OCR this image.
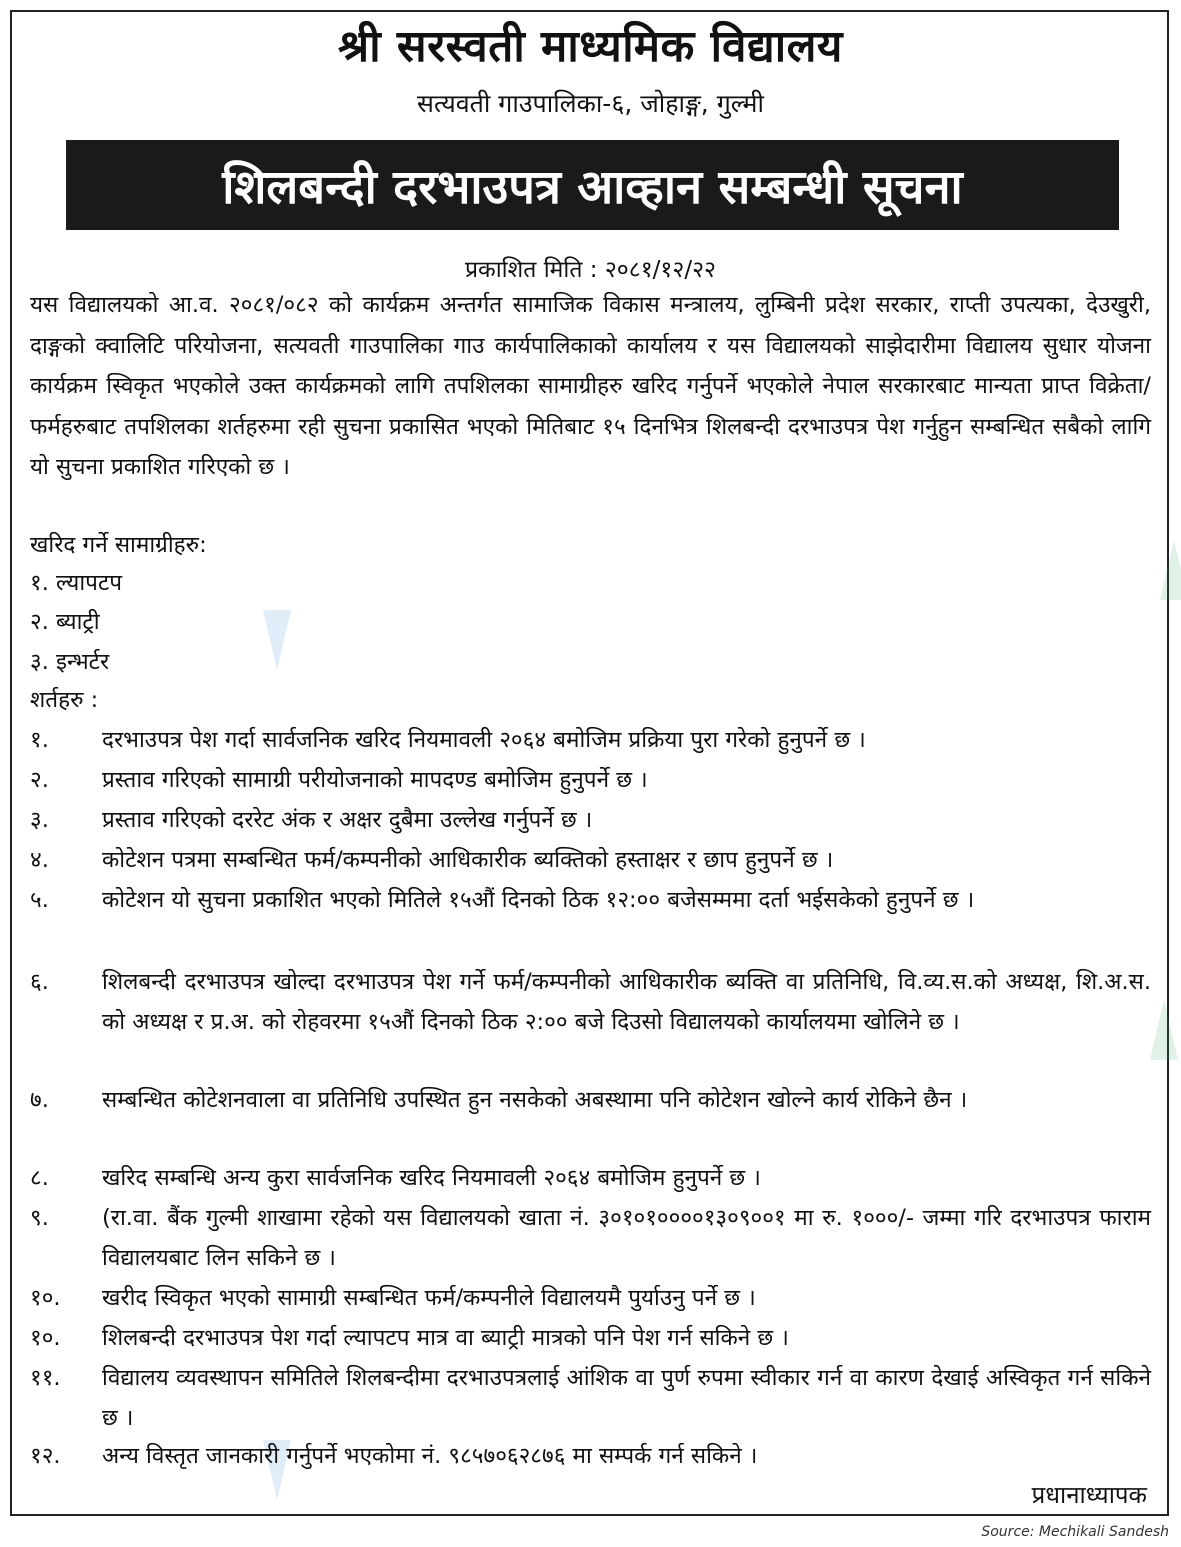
श्री सरस्वती माध्यमिक विद्यालय

सत्यवती गाउपालिका-६, जोहाङ्ग, गुल्मी

शिलबन्दी दरभाउपत्र आव्हान सम्बन्धी सूचना

प्रकाशित मिति : २०८१/१२/२२

यस विद्यालयको आ.व. २०८१/०८२ को कार्यक्रम अन्तर्गत सामाजिक विकास मन्त्रालय, लुम्बिनी प्रदेश सरकार, राप्ती उपत्यका, देउखुरी, दाङ्गको क्वालिटि परियोजना, सत्यवती गाउपालिका गाउ कार्यपालिकाको कार्यालय र यस विद्यालयको साझेदारीमा विद्यालय सुधार योजना कार्यक्रम स्विकृत भएकोले उक्त कार्यक्रमको लागि तपशिलका सामाग्रीहरु खरिद गर्नुपर्ने भएकोले नेपाल सरकारबाट मान्यता प्राप्त विक्रेता/फर्महरुबाट तपशिलका शर्तहरुमा रही सुचना प्रकासित भएको मितिबाट १५ दिनभित्र शिलबन्दी दरभाउपत्र पेश गर्नुहुन सम्बन्धित सबैको लागि यो सुचना प्रकाशित गरिएको छ ।

खरिद गर्ने सामाग्रीहरु:

१. ल्यापटप

२. ब्याट्री

३. इन्भर्टर

शर्तहरु :

१. दरभाउपत्र पेश गर्दा सार्वजनिक खरिद नियमावली २०६४ बमोजिम प्रक्रिया पुरा गरेको हुनुपर्ने छ ।
२. प्रस्ताव गरिएको सामाग्री परीयोजनाको मापदण्ड बमोजिम हुनुपर्ने छ ।
३. प्रस्ताव गरिएको दररेट अंक र अक्षर दुबैमा उल्लेख गर्नुपर्ने छ ।
४. कोटेशन पत्रमा सम्बन्धित फर्म/कम्पनीको आधिकारीक ब्यक्तिको हस्ताक्षर र छाप हुनुपर्ने छ ।
५. कोटेशन यो सुचना प्रकाशित भएको मितिले १५औं दिनको ठिक १२:०० बजेसम्ममा दर्ता भईसकेको हुनुपर्ने छ ।
६. शिलबन्दी दरभाउपत्र खोल्दा दरभाउपत्र पेश गर्ने फर्म/कम्पनीको आधिकारीक ब्यक्ति वा प्रतिनिधि, वि.व्य.स.को अध्यक्ष, शि.अ.स. को अध्यक्ष र प्र.अ. को रोहवरमा १५औं दिनको ठिक २:०० बजे दिउसो विद्यालयको कार्यालयमा खोलिने छ ।
७. सम्बन्धित कोटेशनवाला वा प्रतिनिधि उपस्थित हुन नसकेको अबस्थामा पनि कोटेशन खोल्ने कार्य रोकिने छैन ।
८. खरिद सम्बन्धि अन्य कुरा सार्वजनिक खरिद नियमावली २०६४ बमोजिम हुनुपर्ने छ ।
९. (रा.वा. बैंक गुल्मी शाखामा रहेको यस विद्यालयको खाता नं. ३०१०१००००१३०९००१ मा रु. १०००/- जम्मा गरि दरभाउपत्र फाराम विद्यालयबाट लिन सकिने छ ।
१०. खरीद स्विकृत भएको सामाग्री सम्बन्धित फर्म/कम्पनीले विद्यालयमै पुर्याउनु पर्ने छ ।
१०. शिलबन्दी दरभाउपत्र पेश गर्दा ल्यापटप मात्र वा ब्याट्री मात्रको पनि पेश गर्न सकिने छ ।
११. विद्यालय व्यवस्थापन समितिले शिलबन्दीमा दरभाउपत्रलाई आंशिक वा पुर्ण रुपमा स्वीकार गर्न वा कारण देखाई अस्विकृत गर्न सकिने छ ।
१२. अन्य विस्तृत जानकारी गर्नुपर्ने भएकोमा नं. ९८५७०६२८७६ मा सम्पर्क गर्न सकिने ।

प्रधानाध्यापक

Source: Mechikali Sandesh
